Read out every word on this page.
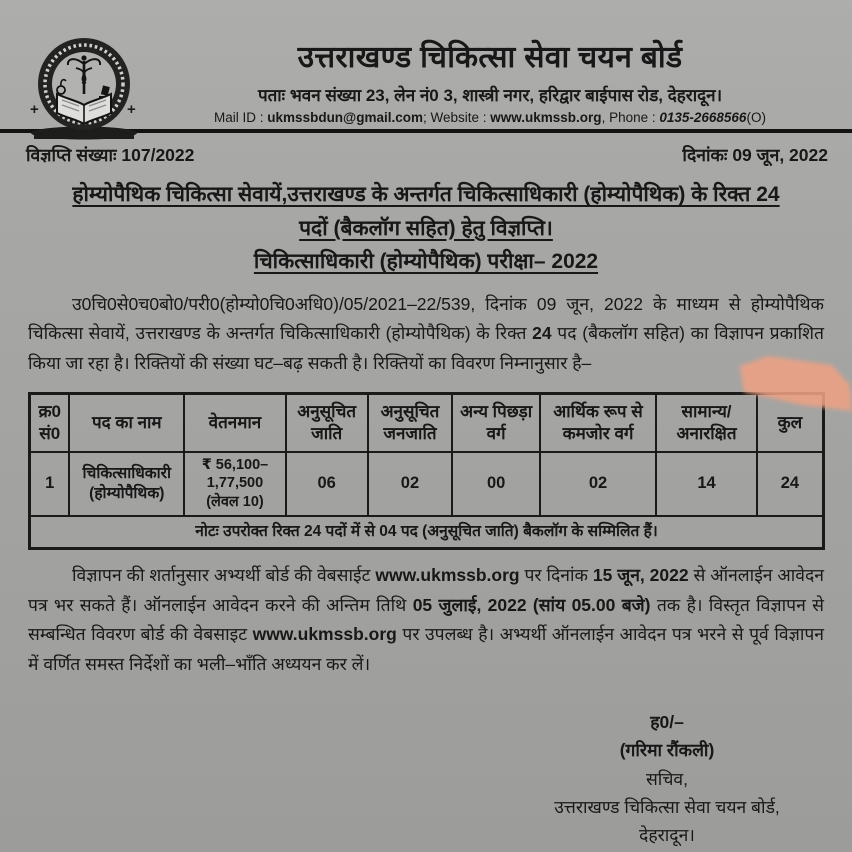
+	+
उत्तराखण्ड चिकित्सा सेवा चयन बोर्ड
पताः भवन संख्या 23, लेन नं0 3, शास्त्री नगर, हरिद्वार बाईपास रोड, देहरादून।
Mail ID : ukmssbdun@gmail.com; Website : www.ukmssb.org, Phone : 0135-2668566(O)
विज्ञप्ति संख्याः 107/2022	दिनांकः 09 जून, 2022
होम्योपैथिक चिकित्सा सेवायें,उत्तराखण्ड के अन्तर्गत चिकित्साधिकारी (होम्योपैथिक) के रिक्त 24
पदों (बैकलॉग सहित) हेतु विज्ञप्ति।
चिकित्साधिकारी (होम्योपैथिक) परीक्षा– 2022
उ0चि0से0च0बो0/परी0(होम्यो0चि0अधि0)/05/2021–22/539, दिनांक 09 जून, 2022 के माध्यम से होम्योपैथिक चिकित्सा सेवायें, उत्तराखण्ड के अन्तर्गत चिकित्साधिकारी (होम्योपैथिक) के रिक्त 24 पद (बैकलॉग सहित) का विज्ञापन प्रकाशित किया जा रहा है। रिक्तियों की संख्या घट–बढ़ सकती है। रिक्तियों का विवरण निम्नानुसार है–
क्र0 सं0	पद का नाम	वेतनमान	अनुसूचित जाति	अनुसूचित जनजाति	अन्य पिछड़ा वर्ग	आर्थिक रूप से कमजोर वर्ग	सामान्य/ अनारक्षित	कुल
1	चिकित्साधिकारी (होम्योपैथिक)	₹ 56,100–
1,77,500
(लेवल 10)	06	02	00	02	14	24
नोटः उपरोक्त रिक्त 24 पदों में से 04 पद (अनुसूचित जाति) बैकलॉग के सम्मिलित हैं।								
विज्ञापन की शर्तानुसार अभ्यर्थी बोर्ड की वेबसाईट www.ukmssb.org पर दिनांक 15 जून, 2022 से ऑनलाईन आवेदन पत्र भर सकते हैं। ऑनलाईन आवेदन करने की अन्तिम तिथि 05 जुलाई, 2022 (सांय 05.00 बजे) तक है। विस्तृत विज्ञापन से सम्बन्धित विवरण बोर्ड की वेबसाइट www.ukmssb.org पर उपलब्ध है। अभ्यर्थी ऑनलाईन आवेदन पत्र भरने से पूर्व विज्ञापन में वर्णित समस्त निर्देशों का भली–भाँति अध्ययन कर लें।
ह0/–
(गरिमा रौंकली)
सचिव,
उत्तराखण्ड चिकित्सा सेवा चयन बोर्ड,
देहरादून।
